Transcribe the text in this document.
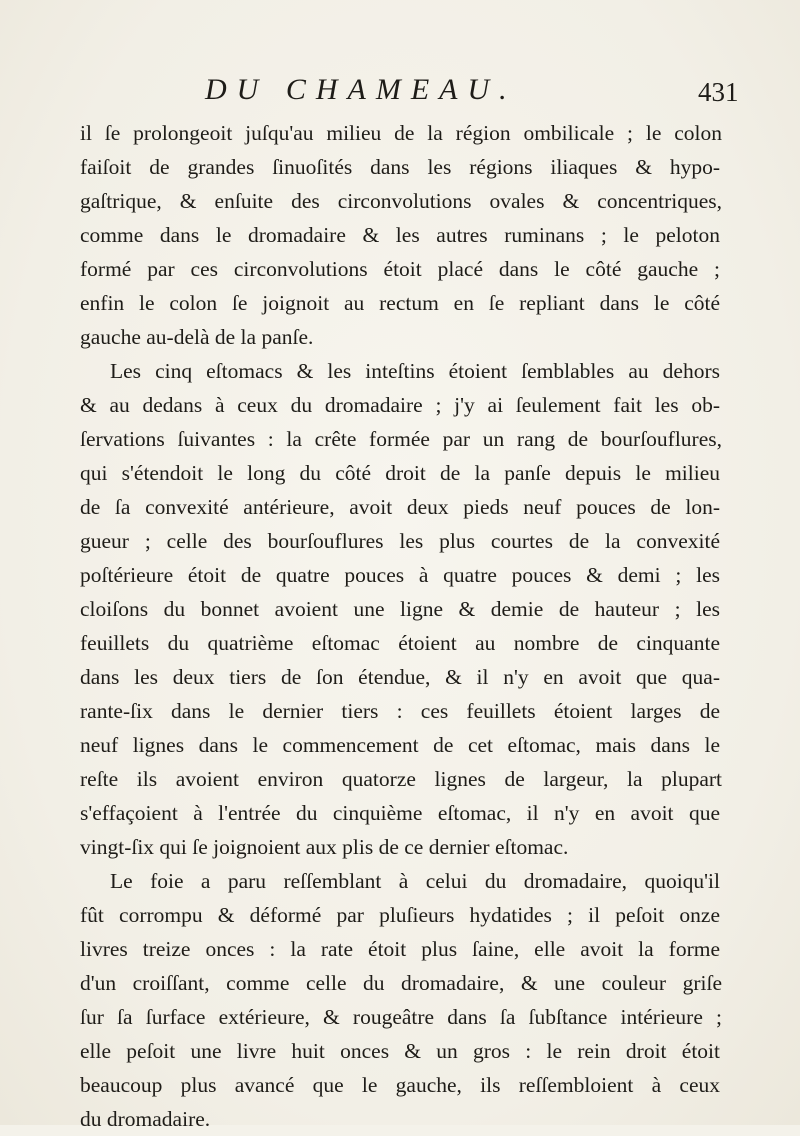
DU CHAMEAU.	431
il ſe prolongeoit juſqu'au milieu de la région ombilicale ; le colon
faiſoit de grandes ſinuoſités dans les régions iliaques & hypo-
gaſtrique, & enſuite des circonvolutions ovales & concentriques,
comme dans le dromadaire & les autres ruminans ; le peloton
formé par ces circonvolutions étoit placé dans le côté gauche ;
enfin le colon ſe joignoit au rectum en ſe repliant dans le côté
gauche au-delà de la panſe.
Les cinq eſtomacs & les inteſtins étoient ſemblables au dehors
& au dedans à ceux du dromadaire ; j'y ai ſeulement fait les ob-
ſervations ſuivantes : la crête formée par un rang de bourſouflures,
qui s'étendoit le long du côté droit de la panſe depuis le milieu
de ſa convexité antérieure, avoit deux pieds neuf pouces de lon-
gueur ; celle des bourſouflures les plus courtes de la convexité
poſtérieure étoit de quatre pouces à quatre pouces & demi ; les
cloiſons du bonnet avoient une ligne & demie de hauteur ; les
feuillets du quatrième eſtomac étoient au nombre de cinquante
dans les deux tiers de ſon étendue, & il n'y en avoit que qua-
rante-ſix dans le dernier tiers : ces feuillets étoient larges de
neuf lignes dans le commencement de cet eſtomac, mais dans le
reſte ils avoient environ quatorze lignes de largeur, la plupart
s'effaçoient à l'entrée du cinquième eſtomac, il n'y en avoit que
vingt-ſix qui ſe joignoient aux plis de ce dernier eſtomac.
Le foie a paru reſſemblant à celui du dromadaire, quoiqu'il
fût corrompu & déformé par pluſieurs hydatides ; il peſoit onze
livres treize onces : la rate étoit plus ſaine, elle avoit la forme
d'un croiſſant, comme celle du dromadaire, & une couleur griſe
ſur ſa ſurface extérieure, & rougeâtre dans ſa ſubſtance intérieure ;
elle peſoit une livre huit onces & un gros : le rein droit étoit
beaucoup plus avancé que le gauche, ils reſſembloient à ceux
du dromadaire.
